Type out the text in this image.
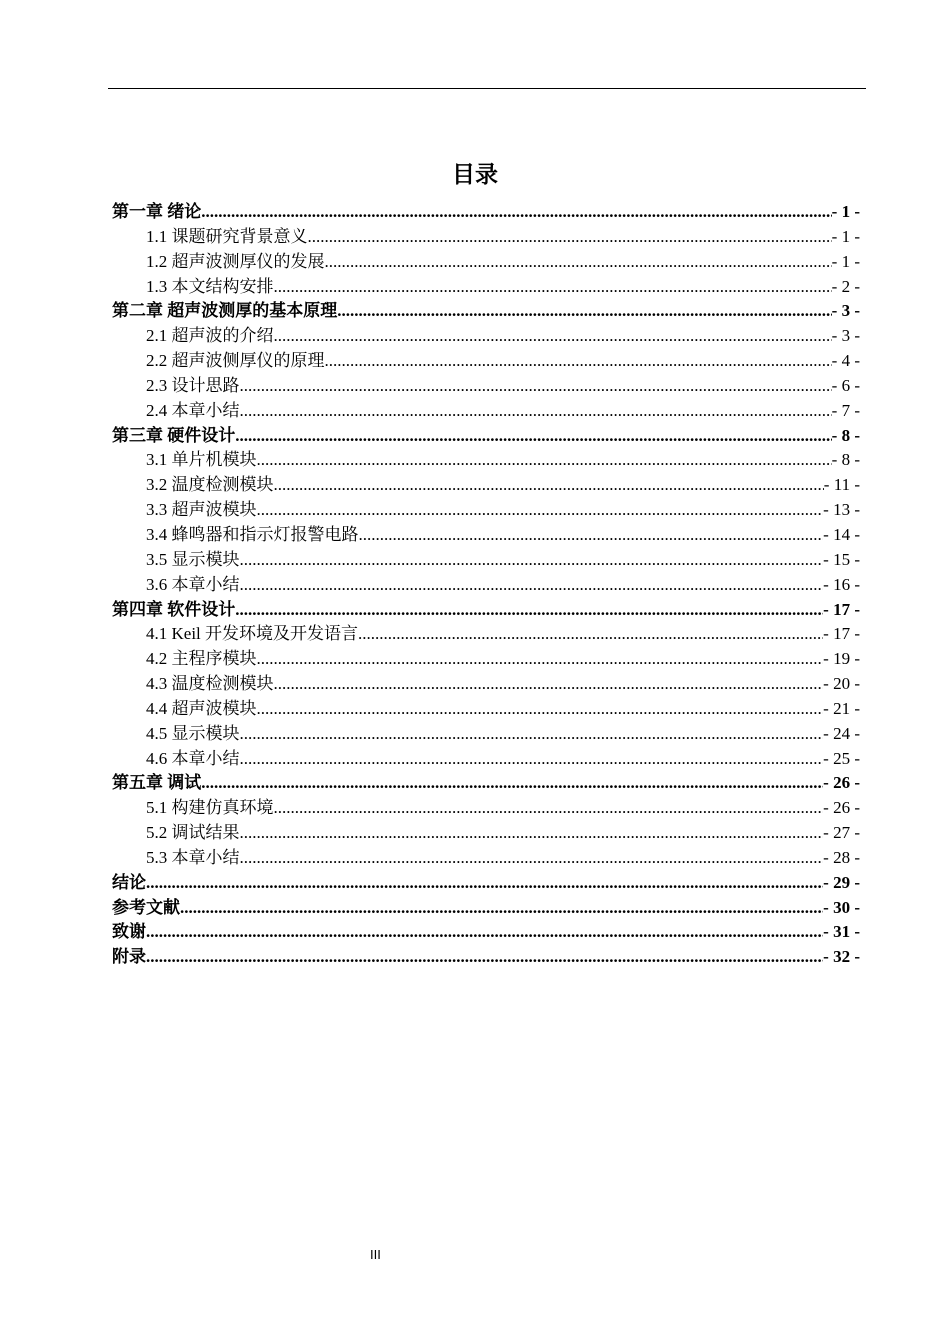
目录
第一章 绪论 .....	- 1 -
1.1 课题研究背景意义 .....	- 1 -
1.2 超声波测厚仪的发展 .....	- 1 -
1.3 本文结构安排 .....	- 2 -
第二章 超声波测厚的基本原理 .....	- 3 -
2.1 超声波的介绍 .....	- 3 -
2.2 超声波侧厚仪的原理 .....	- 4 -
2.3 设计思路 .....	- 6 -
2.4 本章小结 .....	- 7 -
第三章 硬件设计 .....	- 8 -
3.1 单片机模块 .....	- 8 -
3.2 温度检测模块 .....	- 11 -
3.3 超声波模块 .....	- 13 -
3.4 蜂鸣器和指示灯报警电路 .....	- 14 -
3.5 显示模块 .....	- 15 -
3.6 本章小结 .....	- 16 -
第四章 软件设计 .....	- 17 -
4.1 Keil 开发环境及开发语言 .....	- 17 -
4.2 主程序模块 .....	- 19 -
4.3 温度检测模块 .....	- 20 -
4.4 超声波模块 .....	- 21 -
4.5 显示模块 .....	- 24 -
4.6 本章小结 .....	- 25 -
第五章 调试 .....	- 26 -
5.1 构建仿真环境 .....	- 26 -
5.2 调试结果 .....	- 27 -
5.3 本章小结 .....	- 28 -
结论 .....	- 29 -
参考文献 .....	- 30 -
致谢 .....	- 31 -
附录 .....	- 32 -
III
